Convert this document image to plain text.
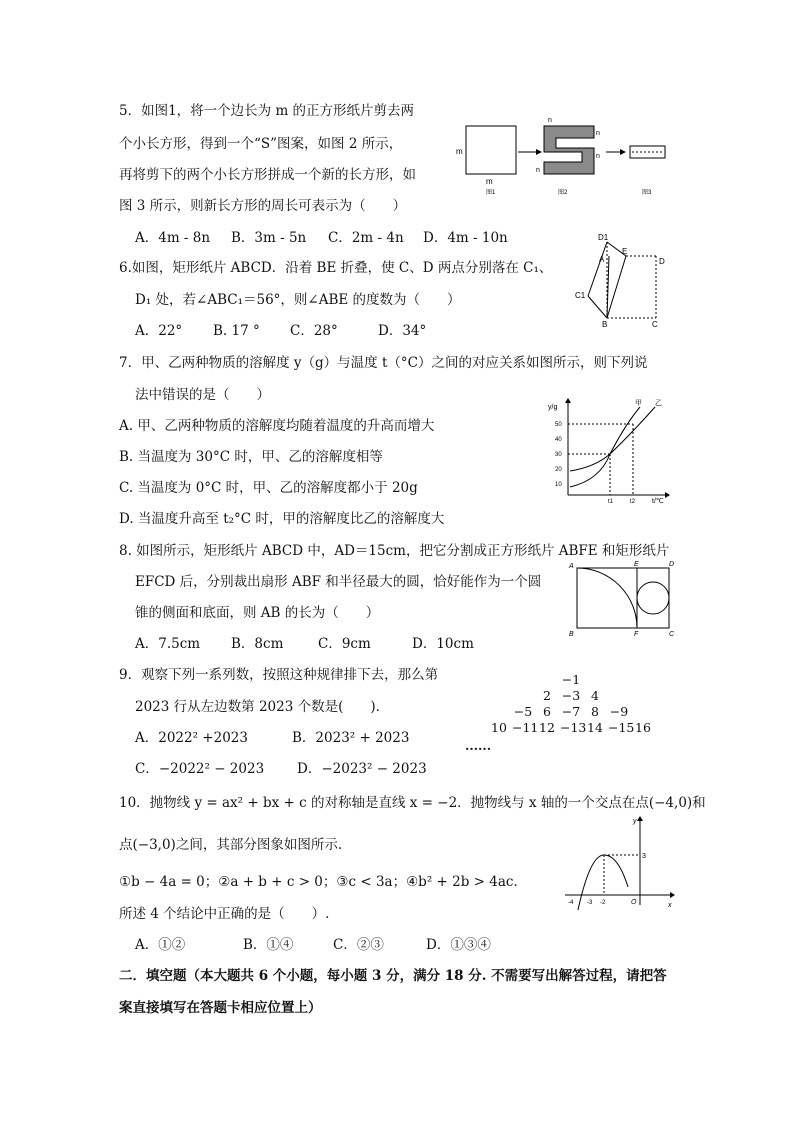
5．如图1，将一个边长为 m 的正方形纸片剪去两
个小长方形，得到一个“S”图案，如图 2 所示，
再将剪下的两个小长方形拼成一个新的长方形，如
图 3 所示，则新长方形的周长可表示为（　　）
A．4m - 8n B．3m - 5n C．2m - 4n D．4m - 10n
m
m
n
n
n
n
图1	图2	图3
6.如图，矩形纸片 ABCD．沿着 BE 折叠，使 C、D 两点分别落在 C₁、
D₁ 处，若∠ABC₁＝56°，则∠ABE 的度数为（　　）
A．22° B. 17 ° C．28°	D．34°
D1
E
A	D
C1
B	C
7．甲、乙两种物质的溶解度 y（g）与温度 t（°C）之间的对应关系如图所示，则下列说
法中错误的是（　　）
A. 甲、乙两种物质的溶解度均随着温度的升高而增大
B. 当温度为 30°C 时，甲、乙的溶解度相等
C. 当温度为 0°C 时，甲、乙的溶解度都小于 20g
D. 当温度升高至 t₂°C 时，甲的溶解度比乙的溶解度大
y/g
t/℃
50
40
30
20
10
甲 乙
t1	t2
8. 如图所示，矩形纸片 ABCD 中，AD＝15cm，把它分割成正方形纸片 ABFE 和矩形纸片
EFCD 后，分别裁出扇形 ABF 和半径最大的圆，恰好能作为一个圆
锥的侧面和底面，则 AB 的长为（　　）
A．7.5cm B．8cm	C．9cm	D．10cm
A	E	D
B	F	C
9．观察下列一系列数，按照这种规律排下去，那么第
2023 行从左边数第 2023 个数是(　　)．
A．2022² +2023	B．2023² + 2023
C．−2022² − 2023 D．−2023² − 2023
−1
2 −3 4
−5 6 −7 8 −9
10 −11 12 −13 14 −15 16
......
10．抛物线 y = ax² + bx + c 的对称轴是直线 x = −2．抛物线与 x 轴的一个交点在点(−4,0)和
点(−3,0)之间，其部分图象如图所示.
①b − 4a = 0；②a + b + c > 0；③c < 3a；④b² + 2b > 4ac．
所述 4 个结论中正确的是（　　）.
A．①②	B．①④	C．②③	D．①③④
y
x
O
3
-4 -3 -2
二．填空题（本大题共 6 个小题，每小题 3 分，满分 18 分. 不需要写出解答过程，请把答
案直接填写在答题卡相应位置上）
